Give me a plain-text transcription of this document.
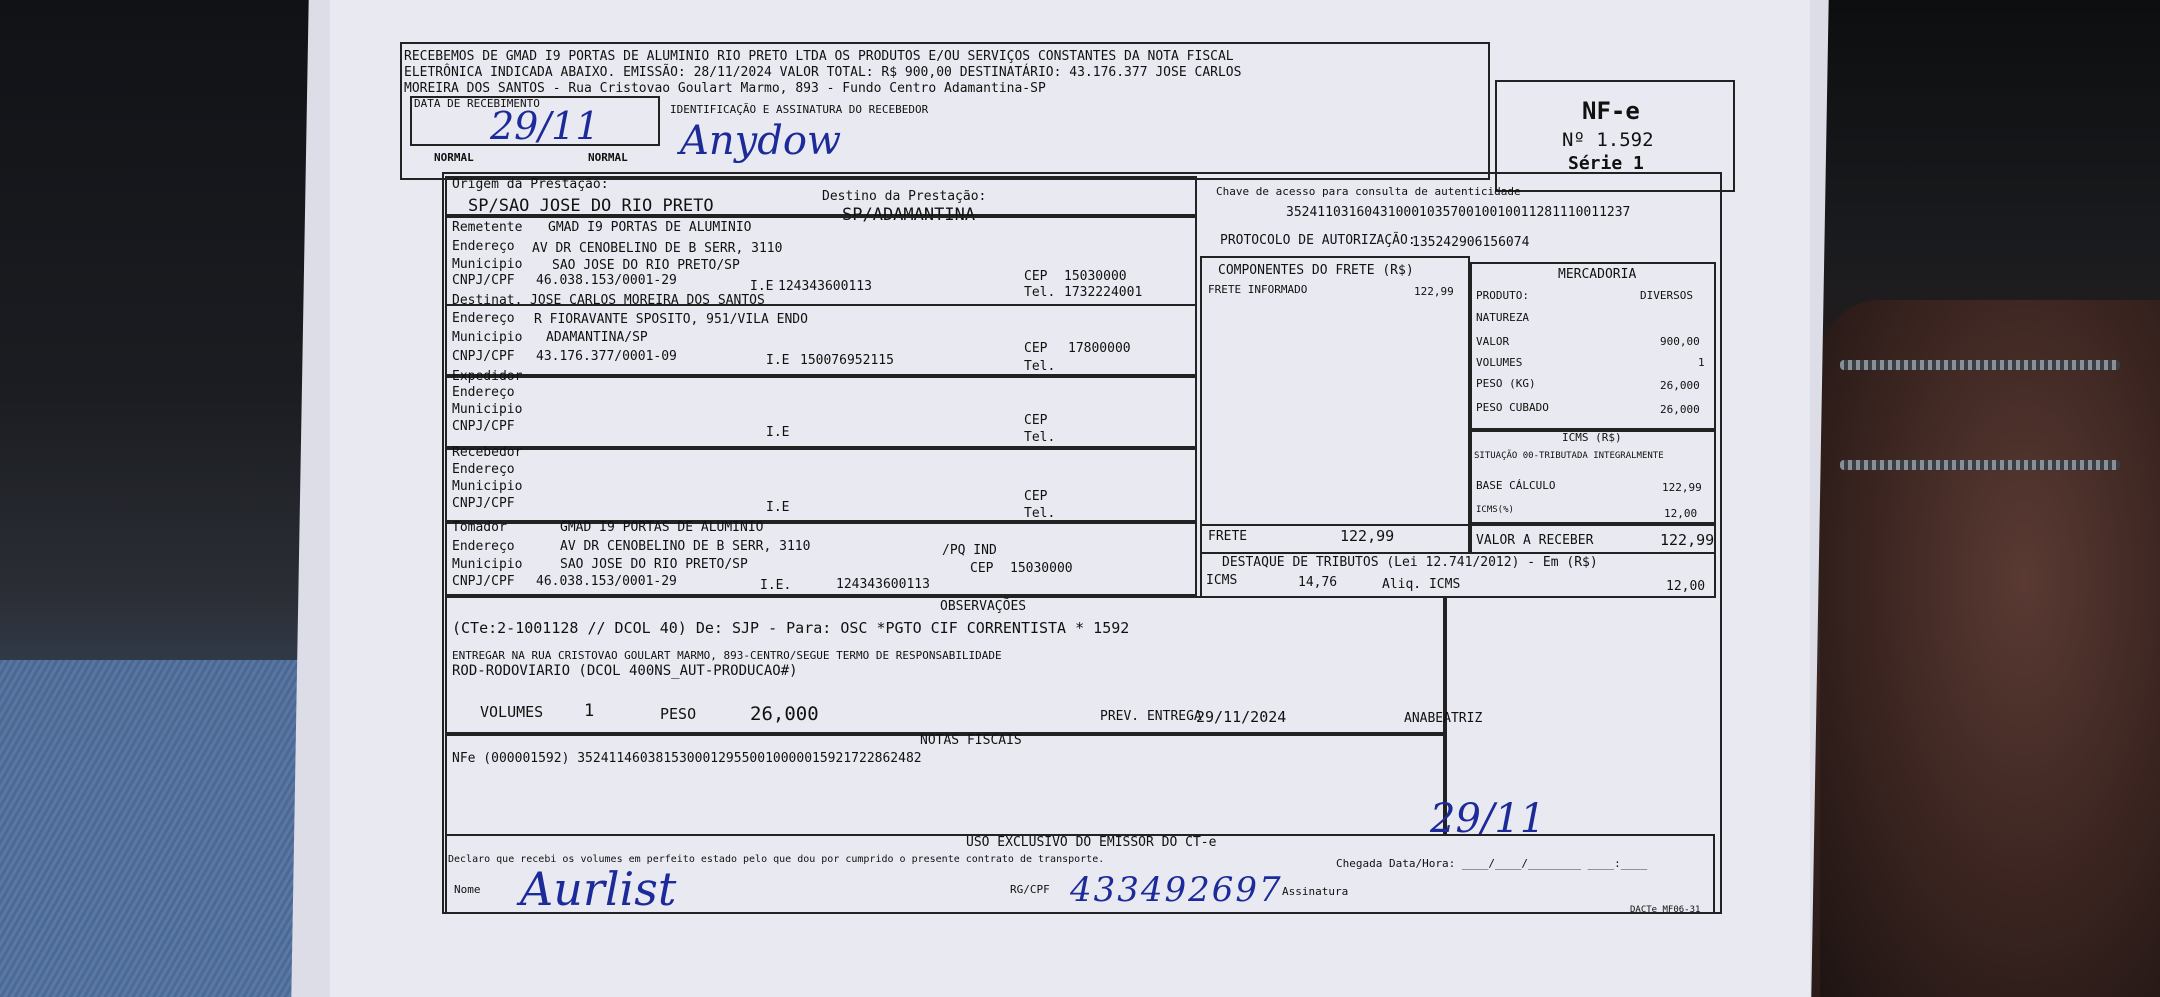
RECEBEMOS DE GMAD I9 PORTAS DE ALUMINIO RIO PRETO LTDA OS PRODUTOS E/OU SERVIÇOS CONSTANTES DA NOTA FISCAL
ELETRÔNICA INDICADA ABAIXO. EMISSÃO: 28/11/2024 VALOR TOTAL: R$ 900,00 DESTINATÁRIO: 43.176.377 JOSE CARLOS
MOREIRA DOS SANTOS - Rua Cristovao Goulart Marmo, 893 - Fundo Centro Adamantina-SP
DATA DE RECEBIMENTO
29/11	IDENTIFICAÇÃO E ASSINATURA DO RECEBEDOR
Anydow
NORMAL	NORMAL
NF-e
Nº 1.592
Série 1
Origem da Prestação:
SP/SAO JOSE DO RIO PRETO	Destino da Prestação:
SP/ADAMANTINA
Chave de acesso para consulta de autenticidade
35241103160431000103570010010011281110011237
PROTOCOLO DE AUTORIZAÇÃO:
135242906156074
Remetente GMAD I9 PORTAS DE ALUMINIO
Endereço AV DR CENOBELINO DE B SERR, 3110
Municipio SAO JOSE DO RIO PRETO/SP
CNPJ/CPF 46.038.153/0001-29	I.E 124343600113
CEP 15030000
Tel. 1732224001
Destinat. JOSE CARLOS MOREIRA DOS SANTOS
Endereço R FIORAVANTE SPOSITO, 951/VILA ENDO
Municipio ADAMANTINA/SP
CNPJ/CPF 43.176.377/0001-09	I.E 150076952115
CEP 17800000
Tel.
Expedidor
Endereço
Municipio
CNPJ/CPF	I.E
CEP
Tel.
Recebedor
Endereço
Municipio
CNPJ/CPF	I.E
CEP
Tel.
Tomador	GMAD I9 PORTAS DE ALUMINIO
Endereço	AV DR CENOBELINO DE B SERR, 3110	/PQ IND
Municipio	SAO JOSE DO RIO PRETO/SP	CEP 15030000
CNPJ/CPF 46.038.153/0001-29	I.E.	124343600113
COMPONENTES DO FRETE (R$)
FRETE INFORMADO	122,99
FRETE	122,99
MERCADORIA
PRODUTO:	DIVERSOS
NATUREZA
VALOR	900,00
VOLUMES	1
PESO (KG)	26,000
PESO CUBADO	26,000
ICMS (R$)
SITUAÇÃO 00-TRIBUTADA INTEGRALMENTE
BASE CÁLCULO	122,99
ICMS(%)	12,00
VALOR A RECEBER	122,99
DESTAQUE DE TRIBUTOS (Lei 12.741/2012) - Em (R$)
ICMS	14,76	Aliq. ICMS	12,00
OBSERVAÇÕES
(CTe:2-1001128 // DCOL 40) De: SJP - Para: OSC *PGTO CIF CORRENTISTA * 1592
ENTREGAR NA RUA CRISTOVAO GOULART MARMO, 893-CENTRO/SEGUE TERMO DE RESPONSABILIDADE
ROD-RODOVIARIO (DCOL 400NS_AUT-PRODUCAO#)
VOLUMES 1	PESO	26,000	PREV. ENTREGA
29/11/2024	ANABEATRIZ
NOTAS FISCAIS
NFe (000001592) 35241146038153000129550010000015921722862482
29/11
USO EXCLUSIVO DO EMISSOR DO CT-e
Declaro que recebi os volumes em perfeito estado pelo que dou por cumprido o presente contrato de transporte.	Chegada Data/Hora: ____/____/________ ____:____
Nome Aurlist	RG/CPF 433492697 Assinatura
DACTe_MF06-31
